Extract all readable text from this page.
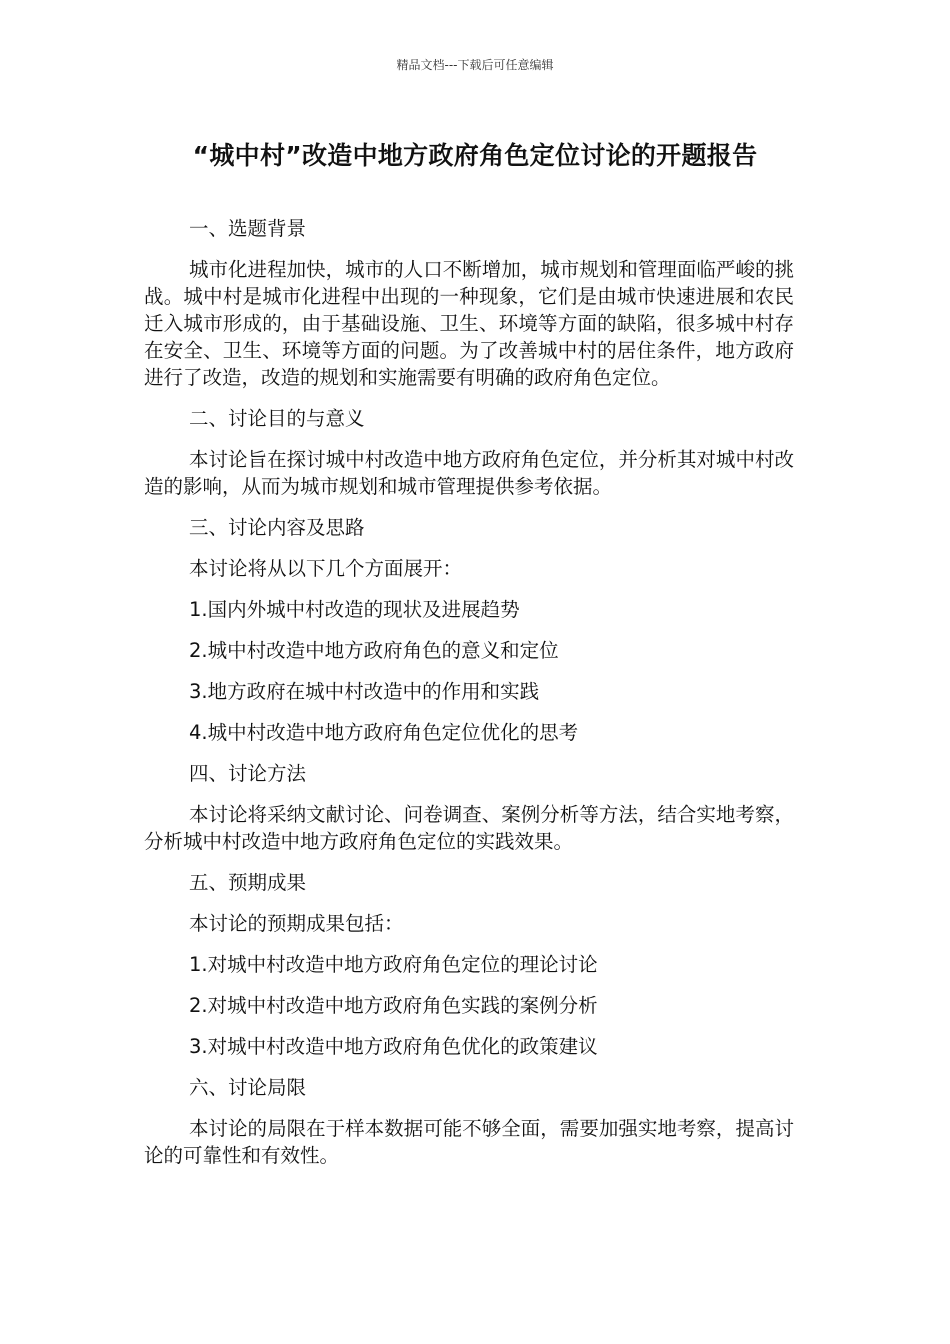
精品文档---下载后可任意编辑
“城中村”改造中地方政府角色定位讨论的开题报告

一、选题背景

城市化进程加快，城市的人口不断增加，城市规划和管理面临严峻的挑战。城中村是城市化进程中出现的一种现象，它们是由城市快速进展和农民迁入城市形成的，由于基础设施、卫生、环境等方面的缺陷，很多城中村存在安全、卫生、环境等方面的问题。为了改善城中村的居住条件，地方政府进行了改造，改造的规划和实施需要有明确的政府角色定位。

二、讨论目的与意义

本讨论旨在探讨城中村改造中地方政府角色定位，并分析其对城中村改造的影响，从而为城市规划和城市管理提供参考依据。

三、讨论内容及思路

本讨论将从以下几个方面展开：

1.国内外城中村改造的现状及进展趋势

2.城中村改造中地方政府角色的意义和定位

3.地方政府在城中村改造中的作用和实践

4.城中村改造中地方政府角色定位优化的思考

四、讨论方法

本讨论将采纳文献讨论、问卷调查、案例分析等方法，结合实地考察，分析城中村改造中地方政府角色定位的实践效果。

五、预期成果

本讨论的预期成果包括：

1.对城中村改造中地方政府角色定位的理论讨论

2.对城中村改造中地方政府角色实践的案例分析

3.对城中村改造中地方政府角色优化的政策建议

六、讨论局限

本讨论的局限在于样本数据可能不够全面，需要加强实地考察，提高讨论的可靠性和有效性。
